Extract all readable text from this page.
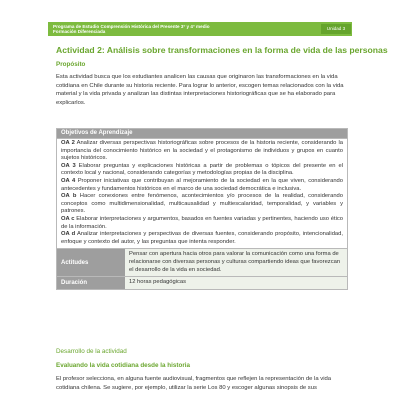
Programa de Estudio Comprensión Histórica del Presente 3° y 4° medio
Formación Diferenciada
Unidad 3
Actividad 2: Análisis sobre transformaciones en la forma de vida de las personas
Propósito
Esta actividad busca que los estudiantes analicen las causas que originaron las transformaciones en la vida cotidiana en Chile durante su historia reciente. Para lograr lo anterior, escogen temas relacionados con la vida material y la vida privada y analizan las distintas interpretaciones historiográficas que se ha elaborado para explicarlos.
Objetivos de Aprendizaje
OA 2 Analizar diversas perspectivas historiográficas sobre procesos de la historia reciente, considerando la importancia del conocimiento histórico en la sociedad y el protagonismo de individuos y grupos en cuanto sujetos históricos.
OA 3 Elaborar preguntas y explicaciones históricas a partir de problemas o tópicos del presente en el contexto local y nacional, considerando categorías y metodologías propias de la disciplina.
OA 4 Proponer iniciativas que contribuyan al mejoramiento de la sociedad en la que viven, considerando antecedentes y fundamentos históricos en el marco de una sociedad democrática e inclusiva.
OA b Hacer conexiones entre fenómenos, acontecimientos y/o procesos de la realidad, considerando conceptos como multidimensionalidad, multicausalidad y multiescalaridad, temporalidad, y variables y patrones.
OA c Elaborar interpretaciones y argumentos, basados en fuentes variadas y pertinentes, haciendo uso ético de la información.
OA d Analizar interpretaciones y perspectivas de diversas fuentes, considerando propósito, intencionalidad, enfoque y contexto del autor, y las preguntas que intenta responder.
Actitudes
Pensar con apertura hacia otros para valorar la comunicación como una forma de relacionarse con diversas personas y culturas compartiendo ideas que favorezcan el desarrollo de la vida en sociedad.
Duración	12 horas pedagógicas
Desarrollo de la actividad
Evaluando la vida cotidiana desde la historia
El profesor selecciona, en alguna fuente audiovisual, fragmentos que reflejen la representación de la vida cotidiana chilena. Se sugiere, por ejemplo, utilizar la serie Los 80 y escoger algunas sinopsis de sus
